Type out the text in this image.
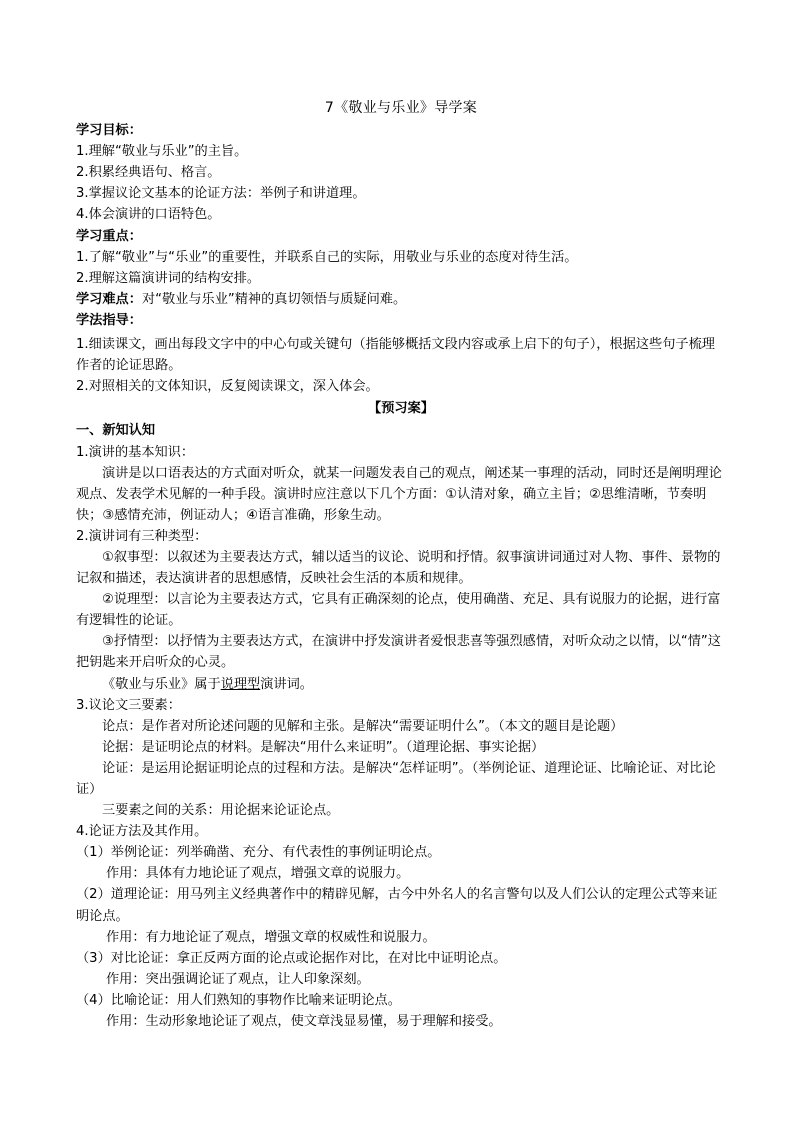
7《敬业与乐业》导学案
学习目标：
1.理解“敬业与乐业”的主旨。
2.积累经典语句、格言。
3.掌握议论文基本的论证方法：举例子和讲道理。
4.体会演讲的口语特色。
学习重点：
1.了解“敬业”与“乐业”的重要性，并联系自己的实际，用敬业与乐业的态度对待生活。
2.理解这篇演讲词的结构安排。
学习难点：对“敬业与乐业”精神的真切领悟与质疑问难。
学法指导：
1.细读课文，画出每段文字中的中心句或关键句（指能够概括文段内容或承上启下的句子），根据这些句子梳理作者的论证思路。
2.对照相关的文体知识，反复阅读课文，深入体会。
【预习案】
一、新知认知
1.演讲的基本知识：
演讲是以口语表达的方式面对听众，就某一问题发表自己的观点，阐述某一事理的活动，同时还是阐明理论观点、发表学术见解的一种手段。演讲时应注意以下几个方面：①认清对象，确立主旨；②思维清晰，节奏明快；③感情充沛，例证动人；④语言准确，形象生动。
2.演讲词有三种类型：
①叙事型：以叙述为主要表达方式，辅以适当的议论、说明和抒情。叙事演讲词通过对人物、事件、景物的记叙和描述，表达演讲者的思想感情，反映社会生活的本质和规律。
②说理型：以言论为主要表达方式，它具有正确深刻的论点，使用确凿、充足、具有说服力的论据，进行富有逻辑性的论证。
③抒情型：以抒情为主要表达方式，在演讲中抒发演讲者爱恨悲喜等强烈感情，对听众动之以情，以“情”这把钥匙来开启听众的心灵。
《敬业与乐业》属于说理型演讲词。
3.议论文三要素：
论点：是作者对所论述问题的见解和主张。是解决“需要证明什么”。（本文的题目是论题）
论据：是证明论点的材料。是解决“用什么来证明”。（道理论据、事实论据）
论证：是运用论据证明论点的过程和方法。是解决“怎样证明”。（举例论证、道理论证、比喻论证、对比论证）
三要素之间的关系：用论据来论证论点。
4.论证方法及其作用。
（1）举例论证：列举确凿、充分、有代表性的事例证明论点。
作用：具体有力地论证了观点，增强文章的说服力。
（2）道理论证：用马列主义经典著作中的精辟见解，古今中外名人的名言警句以及人们公认的定理公式等来证明论点。
作用：有力地论证了观点，增强文章的权威性和说服力。
（3）对比论证：拿正反两方面的论点或论据作对比，在对比中证明论点。
作用：突出强调论证了观点，让人印象深刻。
（4）比喻论证：用人们熟知的事物作比喻来证明论点。
作用：生动形象地论证了观点，使文章浅显易懂，易于理解和接受。
